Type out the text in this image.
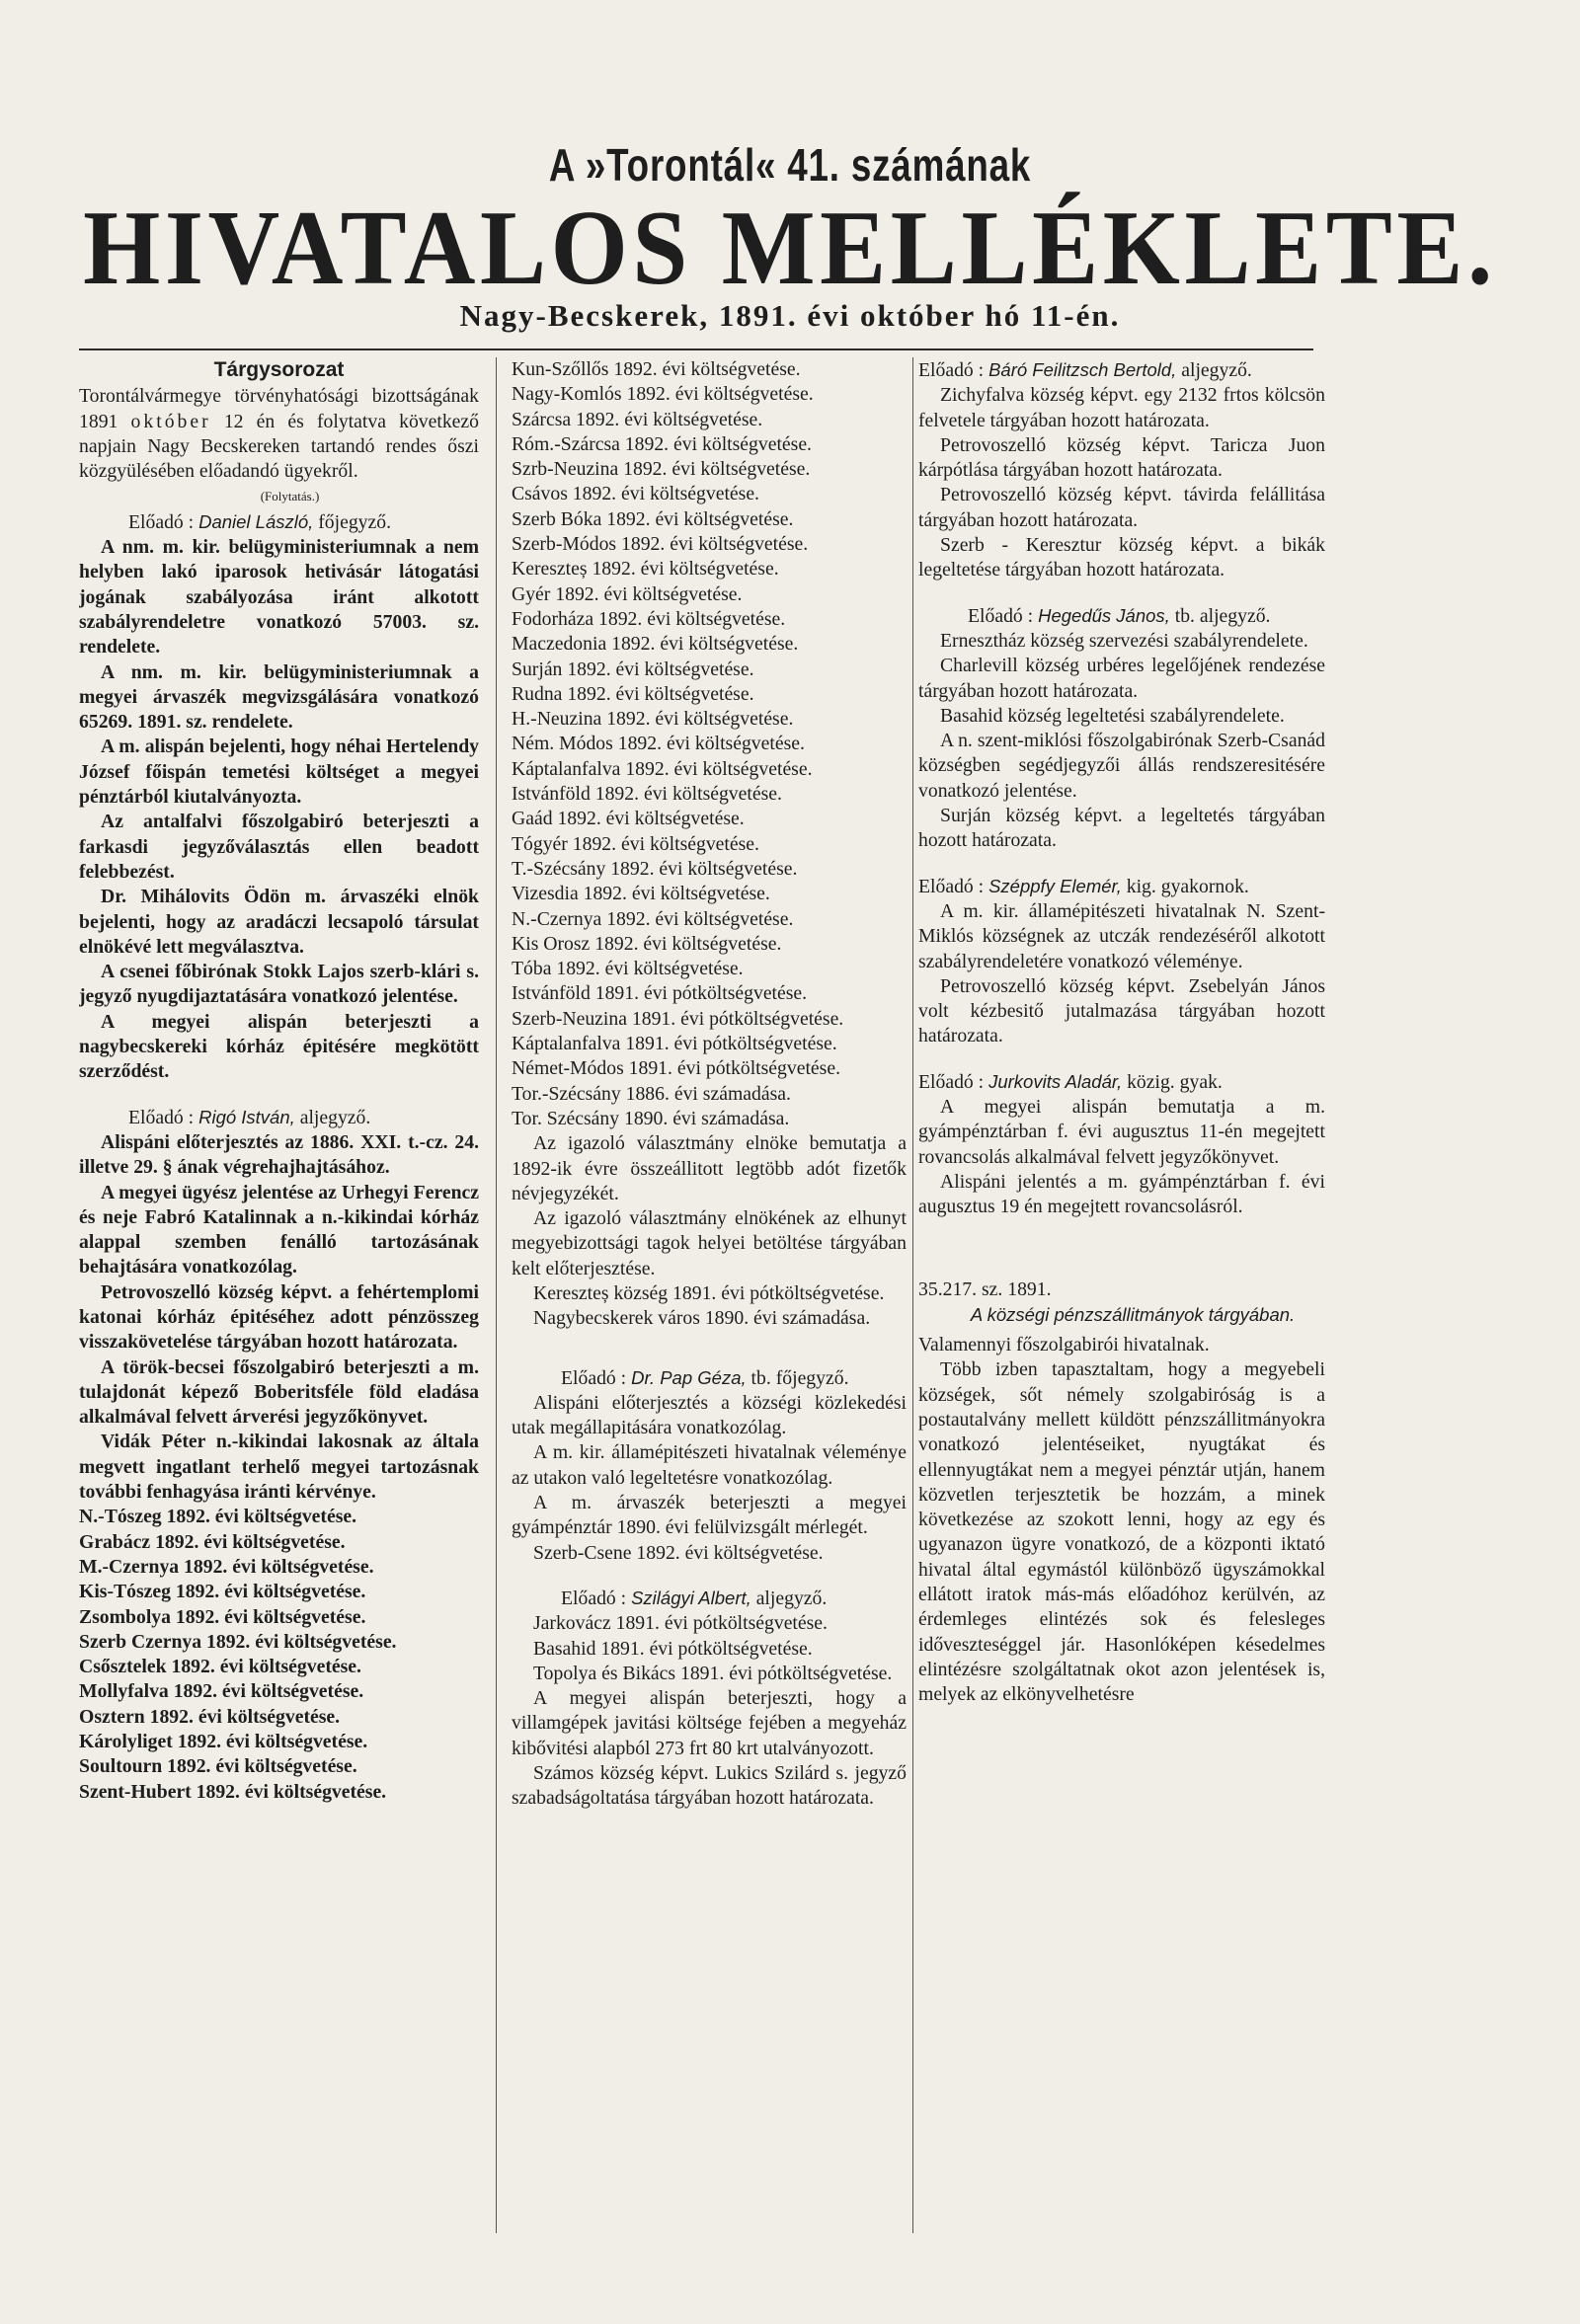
A »Torontál« 41. számának
HIVATALOS MELLÉKLETE.
Nagy-Becskerek, 1891. évi október hó 11-én.
Tárgysorozat

Torontálvármegye törvényhatósági bizottságának 1891 október 12 én és folytatva következő napjain Nagy Becskereken tartandó rendes őszi közgyülésében előadandó ügyekről.

(Folytatás.)

Előadó : Daniel László, főjegyző.

A nm. m. kir. belügyministeriumnak a nem helyben lakó iparosok hetivásár látogatási jogának szabályozása iránt alkotott szabályrendeletre vonatkozó 57003. sz. rendelete.

A nm. m. kir. belügyministeriumnak a megyei árvaszék megvizsgálására vonatkozó 65269. 1891. sz. rendelete.

A m. alispán bejelenti, hogy néhai Hertelendy József főispán temetési költséget a megyei pénztárból kiutalványozta.

Az antalfalvi főszolgabiró beterjeszti a farkasdi jegyzőválasztás ellen beadott felebbezést.

Dr. Mihálovits Ödön m. árvaszéki elnök bejelenti, hogy az aradáczi lecsapoló társulat elnökévé lett megválasztva.

A csenei főbirónak Stokk Lajos szerb-klári s. jegyző nyugdijaztatására vonatkozó jelentése.

A megyei alispán beterjeszti a nagybecskereki kórház épitésére megkötött szerződést.

Előadó : Rigó István, aljegyző.

Alispáni előterjesztés az 1886. XXI. t.-cz. 24. illetve 29. § ának végrehajhajtásához.

A megyei ügyész jelentése az Urhegyi Ferencz és neje Fabró Katalinnak a n.-kikindai kórház alappal szemben fenálló tartozásának behajtására vonatkozólag.

Petrovoszelló község képvt. a fehértemplomi katonai kórház épitéséhez adott pénzösszeg visszakövetelése tárgyában hozott határozata.

A török-becsei főszolgabiró beterjeszti a m. tulajdonát képező Boberitsféle föld eladása alkalmával felvett árverési jegyzőkönyvet.

Vidák Péter n.-kikindai lakosnak az általa megvett ingatlant terhelő megyei tartozásnak további fenhagyása iránti kérvénye.

N.-Tószeg 1892. évi költségvetése.

Grabácz 1892. évi költségvetése.

M.-Czernya 1892. évi költségvetése.

Kis-Tószeg 1892. évi költségvetése.

Zsombolya 1892. évi költségvetése.

Szerb Czernya 1892. évi költségvetése.

Csősztelek 1892. évi költségvetése.

Mollyfalva 1892. évi költségvetése.

Osztern 1892. évi költségvetése.

Károlyliget 1892. évi költségvetése.

Soultourn 1892. évi költségvetése.

Szent-Hubert 1892. évi költségvetése.

Kun-Szőllős 1892. évi költségvetése.

Nagy-Komlós 1892. évi költségvetése.

Szárcsa 1892. évi költségvetése.

Róm.-Szárcsa 1892. évi költségvetése.

Szrb-Neuzina 1892. évi költségvetése.

Csávos 1892. évi költségvetése.

Szerb Bóka 1892. évi költségvetése.

Szerb-Módos 1892. évi költségvetése.

Kereszteș 1892. évi költségvetése.

Gyér 1892. évi költségvetése.

Fodorháza 1892. évi költségvetése.

Maczedonia 1892. évi költségvetése.

Surján 1892. évi költségvetése.

Rudna 1892. évi költségvetése.

H.-Neuzina 1892. évi költségvetése.

Ném. Módos 1892. évi költségvetése.

Káptalanfalva 1892. évi költségvetése.

Istvánföld 1892. évi költségvetése.

Gaád 1892. évi költségvetése.

Tógyér 1892. évi költségvetése.

T.-Szécsány 1892. évi költségvetése.

Vizesdia 1892. évi költségvetése.

N.-Czernya 1892. évi költségvetése.

Kis Orosz 1892. évi költségvetése.

Tóba 1892. évi költségvetése.

Istvánföld 1891. évi pótköltségvetése.

Szerb-Neuzina 1891. évi pótköltségvetése.

Káptalanfalva 1891. évi pótköltségvetése.

Német-Módos 1891. évi pótköltségvetése.

Tor.-Szécsány 1886. évi számadása.

Tor. Szécsány 1890. évi számadása.

Az igazoló választmány elnöke bemutatja a 1892-ik évre összeállitott legtöbb adót fizetők névjegyzékét.

Az igazoló választmány elnökének az elhunyt megyebizottsági tagok helyei betöltése tárgyában kelt előterjesztése.

Kereszteș község 1891. évi pótköltségvetése.

Nagybecskerek város 1890. évi számadása.

Előadó : Dr. Pap Géza, tb. főjegyző.

Alispáni előterjesztés a községi közlekedési utak megállapitására vonatkozólag.

A m. kir. államépitészeti hivatalnak véleménye az utakon való legeltetésre vonatkozólag.

A m. árvaszék beterjeszti a megyei gyámpénztár 1890. évi felülvizsgált mérlegét.

Szerb-Csene 1892. évi költségvetése.

Előadó : Szilágyi Albert, aljegyző.

Jarkovácz 1891. évi pótköltségvetése.

Basahid 1891. évi pótköltségvetése.

Topolya és Bikács 1891. évi pótköltségvetése.

A megyei alispán beterjeszti, hogy a villamgépek javitási költsége fejében a megyeház kibővitési alapból 273 frt 80 krt utalványozott.

Számos község képvt. Lukics Szilárd s. jegyző szabadságoltatása tárgyában hozott határozata.

Előadó : Báró Feilitzsch Bertold, aljegyző.

Zichyfalva község képvt. egy 2132 frtos kölcsön felvetele tárgyában hozott határozata.

Petrovoszelló község képvt. Taricza Juon kárpótlása tárgyában hozott határozata.

Petrovoszelló község képvt. távirda felállitása tárgyában hozott határozata.

Szerb - Keresztur község képvt. a bikák legeltetése tárgyában hozott határozata.

Előadó : Hegedűs János, tb. aljegyző.

Ernesztház község szervezési szabályrendelete.

Charlevill község urbéres legelőjének rendezése tárgyában hozott határozata.

Basahid község legeltetési szabályrendelete.

A n. szent-miklósi főszolgabirónak Szerb-Csanád községben segédjegyzői állás rendszeresitésére vonatkozó jelentése.

Surján község képvt. a legeltetés tárgyában hozott határozata.

Előadó : Széppfy Elemér, kig. gyakornok.

A m. kir. államépitészeti hivatalnak N. Szent-Miklós községnek az utczák rendezéséről alkotott szabályrendeletére vonatkozó véleménye.

Petrovoszelló község képvt. Zsebelyán János volt kézbesitő jutalmazása tárgyában hozott határozata.

Előadó : Jurkovits Aladár, közig. gyak.

A megyei alispán bemutatja a m. gyámpénztárban f. évi augusztus 11-én megejtett rovancsolás alkalmával felvett jegyzőkönyvet.

Alispáni jelentés a m. gyámpénztárban f. évi augusztus 19 én megejtett rovancsolásról.

35.217. sz. 1891.

A községi pénzszállitmányok tárgyában.

Valamennyi főszolgabirói hivatalnak.

Több izben tapasztaltam, hogy a megyebeli községek, sőt némely szolgabiróság is a postautalvány mellett küldött pénzszállitmányokra vonatkozó jelentéseiket, nyugtákat és ellennyugtákat nem a megyei pénztár utján, hanem közvetlen terjesztetik be hozzám, a minek következése az szokott lenni, hogy az egy és ugyanazon ügyre vonatkozó, de a központi iktató hivatal által egymástól különböző ügyszámokkal ellátott iratok más-más előadóhoz kerülvén, az érdemleges elintézés sok és felesleges időveszteséggel jár. Hasonlóképen késedelmes elintézésre szolgáltatnak okot azon jelentések is, melyek az elkönyvelhetésre
